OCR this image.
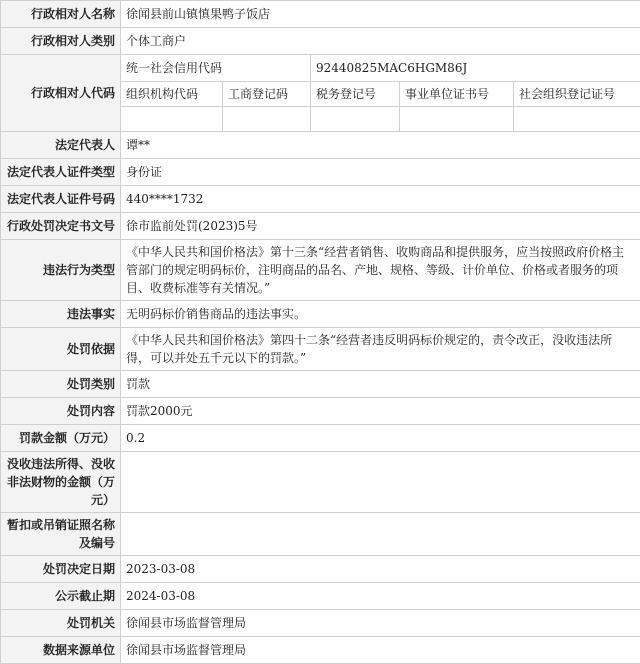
行政相对人名称	徐闻县前山镇慎果鸭子饭店				
行政相对人类别	个体工商户				
行政相对人代码	统一社会信用代码		92440825MAC6HGM86J		
	组织机构代码	工商登记码	税务登记号	事业单位证书号	社会组织登记证号

法定代表人	谭**				
法定代表人证件类型	身份证				
法定代表人证件号码	440****1732				
行政处罚决定书文号	徐市监前处罚(2023)5号				
违法行为类型	《中华人民共和国价格法》第十三条“经营者销售、收购商品和提供服务，应当按照政府价格主管部门的规定明码标价，注明商品的品名、产地、规格、等级、计价单位、价格或者服务的项目、收费标准等有关情况。”				
违法事实	无明码标价销售商品的违法事实。				
处罚依据	《中华人民共和国价格法》第四十二条“经营者违反明码标价规定的，责令改正，没收违法所得，可以并处五千元以下的罚款。”				
处罚类别	罚款				
处罚内容	罚款2000元				
罚款金额（万元）	0.2				
没收违法所得、没收非法财物的金额（万元）					
暂扣或吊销证照名称及编号					
处罚决定日期	2023-03-08				
公示截止期	2024-03-08				
处罚机关	徐闻县市场监督管理局				
数据来源单位	徐闻县市场监督管理局				
